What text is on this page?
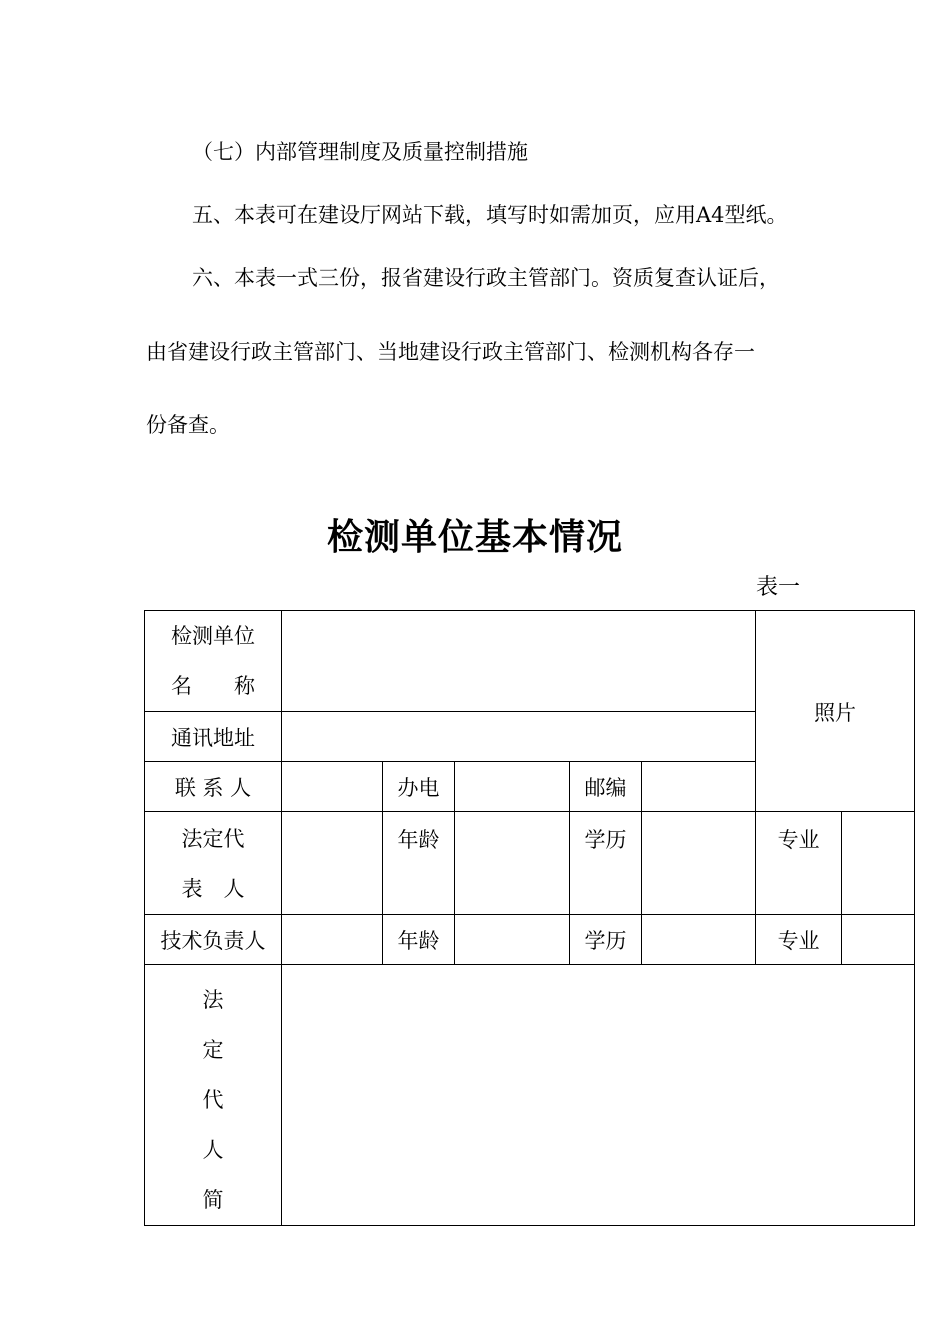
（七）内部管理制度及质量控制措施
五、本表可在建设厅网站下载，填写时如需加页，应用A4型纸。
六、本表一式三份，报省建设行政主管部门。资质复查认证后，
由省建设行政主管部门、当地建设行政主管部门、检测机构各存一
份备查。
检测单位基本情况
表一
检测单位
名　　称						照片	
通讯地址							
联 系 人		办电		邮编			

法定代
表　人		年龄		学历		专业	
技术负责人		年龄		学历		专业	

法
定
代
人
简							
